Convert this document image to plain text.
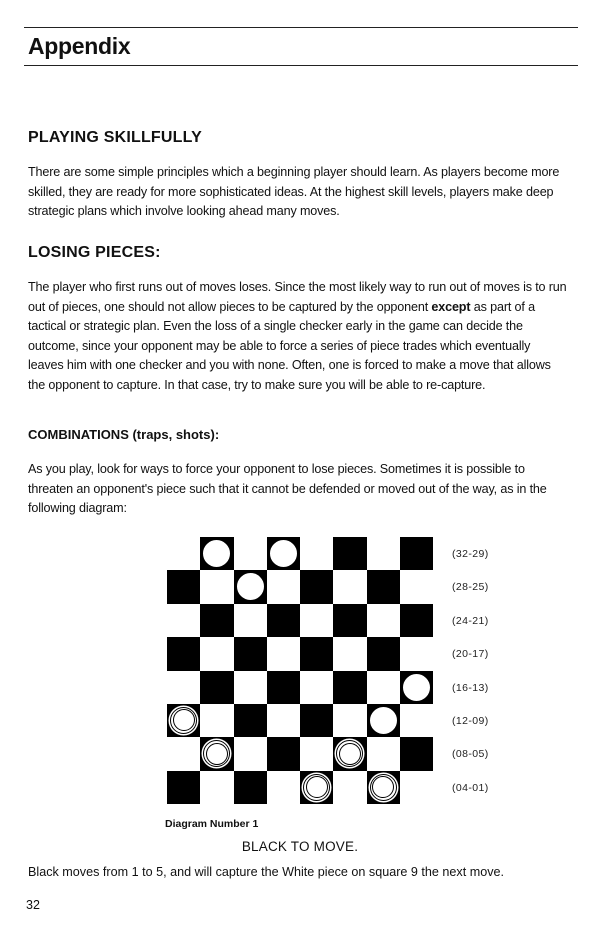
Appendix
PLAYING SKILLFULLY

There are some simple principles which a beginning player should learn. As players become more skilled, they are ready for more sophisticated ideas. At the highest skill levels, players make deep strategic plans which involve looking ahead many moves.

LOSING PIECES:

The player who first runs out of moves loses. Since the most likely way to run out of moves is to run out of pieces, one should not allow pieces to be captured by the opponent except as part of a tactical or strategic plan. Even the loss of a single checker early in the game can decide the outcome, since your opponent may be able to force a series of piece trades which eventually leaves him with one checker and you with none. Often, one is forced to make a move that allows the opponent to capture. In that case, try to make sure you will be able to re-capture.

COMBINATIONS (traps, shots):

As you play, look for ways to force your opponent to lose pieces. Sometimes it is possible to threaten an opponent's piece such that it cannot be defended or moved out of the way, as in the following diagram:

(32-29)
(28-25)
(24-21)
(20-17)
(16-13)
(12-09)
(08-05)
(04-01)
Diagram Number 1
BLACK TO MOVE.
Black moves from 1 to 5, and will capture the White piece on square 9 the next move.
32
